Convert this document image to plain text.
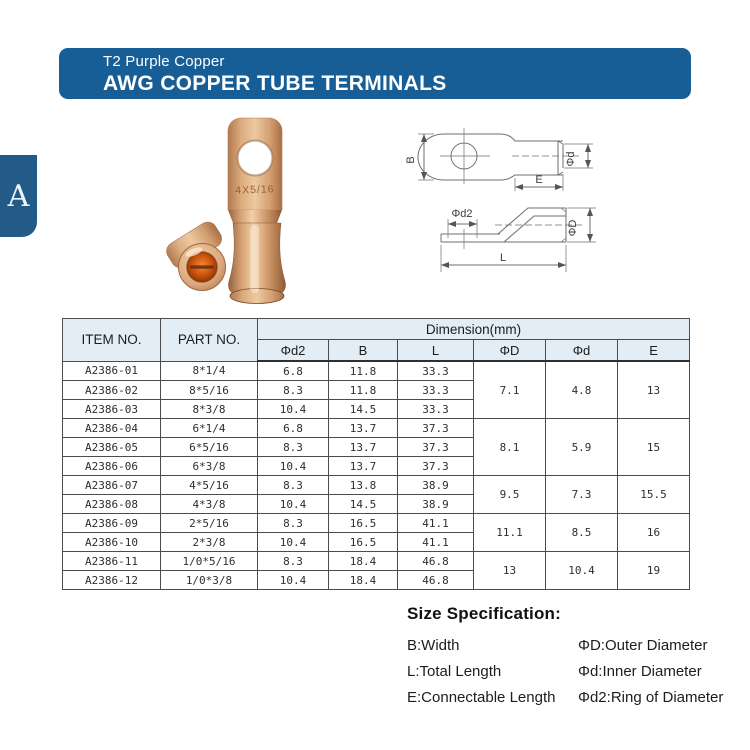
T2 Purple Copper
AWG COPPER TUBE TERMINALS
A	4X5/16
B	Φd
E
Φd2
ΦD
L
ITEM NO.	PART NO.	Dimension(mm)					
		Φd2	B	L	ΦD	Φd	E
A2386-01	8*1/4	6.8	11.8	33.3	7.1	4.8	13
A2386-02	8*5/16	8.3	11.8	33.3			
A2386-03	8*3/8	10.4	14.5	33.3			
A2386-04	6*1/4	6.8	13.7	37.3	8.1	5.9	15
A2386-05	6*5/16	8.3	13.7	37.3			
A2386-06	6*3/8	10.4	13.7	37.3			
A2386-07	4*5/16	8.3	13.8	38.9	9.5	7.3	15.5
A2386-08	4*3/8	10.4	14.5	38.9			
A2386-09	2*5/16	8.3	16.5	41.1	11.1	8.5	16
A2386-10	2*3/8	10.4	16.5	41.1			
A2386-11	1/0*5/16	8.3	18.4	46.8	13	10.4	19
A2386-12	1/0*3/8	10.4	18.4	46.8			
Size Specification:
B:Width	ΦD:Outer Diameter
L:Total Length	Φd:Inner Diameter
E:Connectable Length	Φd2:Ring of Diameter
